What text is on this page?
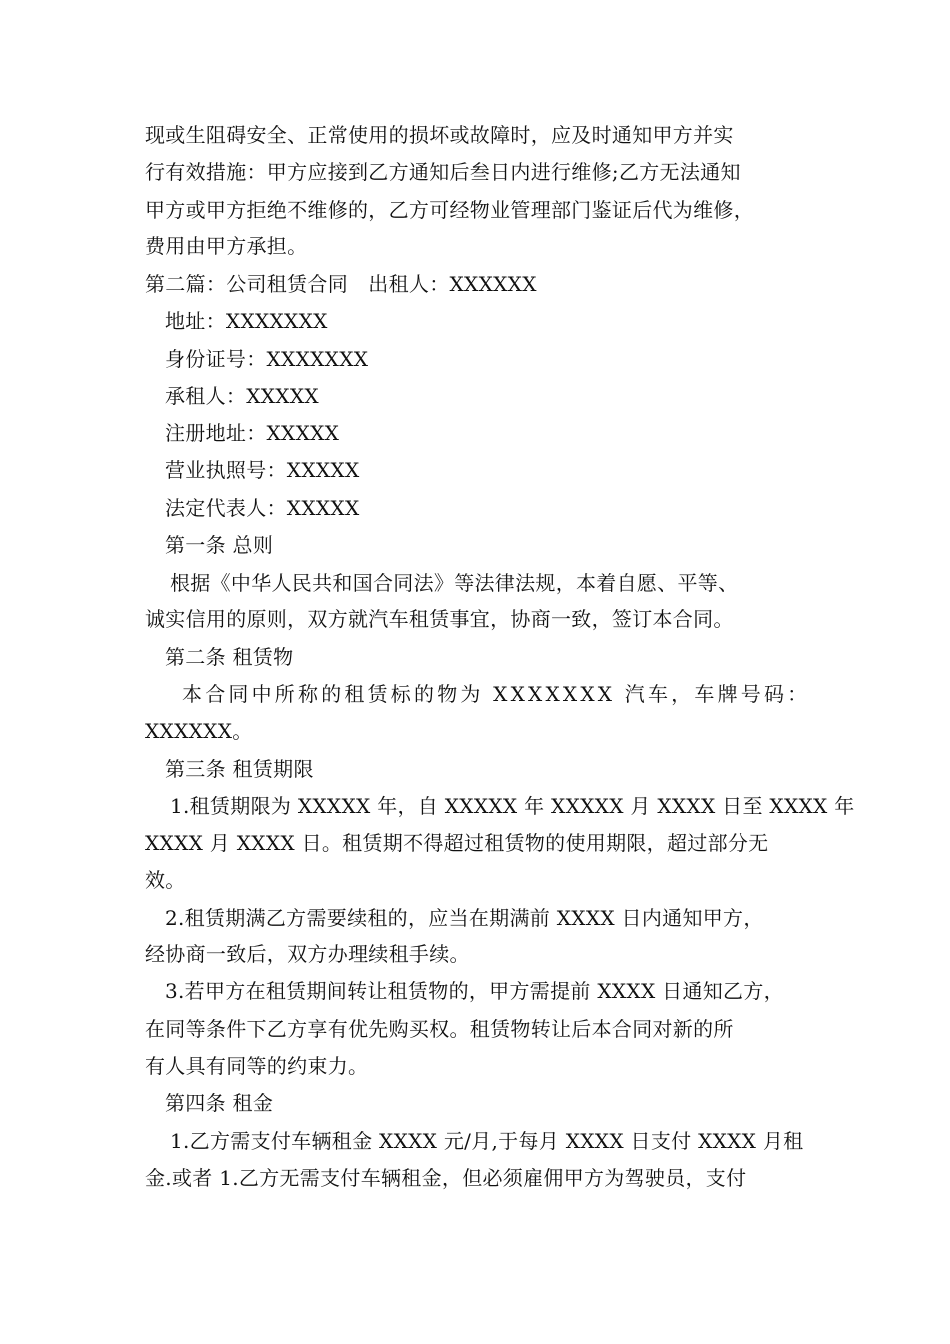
现或生阻碍安全、正常使用的损坏或故障时，应及时通知甲方并实
行有效措施：甲方应接到乙方通知后叁日内进行维修;乙方无法通知
甲方或甲方拒绝不维修的，乙方可经物业管理部门鉴证后代为维修，
费用由甲方承担。
第二篇：公司租赁合同　出租人：XXXXXX
地址：XXXXXXX
身份证号：XXXXXXX
承租人：XXXXX
注册地址：XXXXX
营业执照号：XXXXX
法定代表人：XXXXX
第一条 总则
根据《中华人民共和国合同法》等法律法规，本着自愿、平等、
诚实信用的原则，双方就汽车租赁事宜，协商一致，签订本合同。
第二条 租赁物
本合同中所称的租赁标的物为 XXXXXXX 汽车，车牌号码：
XXXXXX。
第三条 租赁期限
1.租赁期限为 XXXXX 年，自 XXXXX 年 XXXXX 月 XXXX 日至 XXXX 年
XXXX 月 XXXX 日。租赁期不得超过租赁物的使用期限，超过部分无
效。
2.租赁期满乙方需要续租的，应当在期满前 XXXX 日内通知甲方，
经协商一致后，双方办理续租手续。
3.若甲方在租赁期间转让租赁物的，甲方需提前 XXXX 日通知乙方，
在同等条件下乙方享有优先购买权。租赁物转让后本合同对新的所
有人具有同等的约束力。
第四条 租金
1.乙方需支付车辆租金 XXXX 元/月,于每月 XXXX 日支付 XXXX 月租
金.或者 1.乙方无需支付车辆租金，但必须雇佣甲方为驾驶员，支付
